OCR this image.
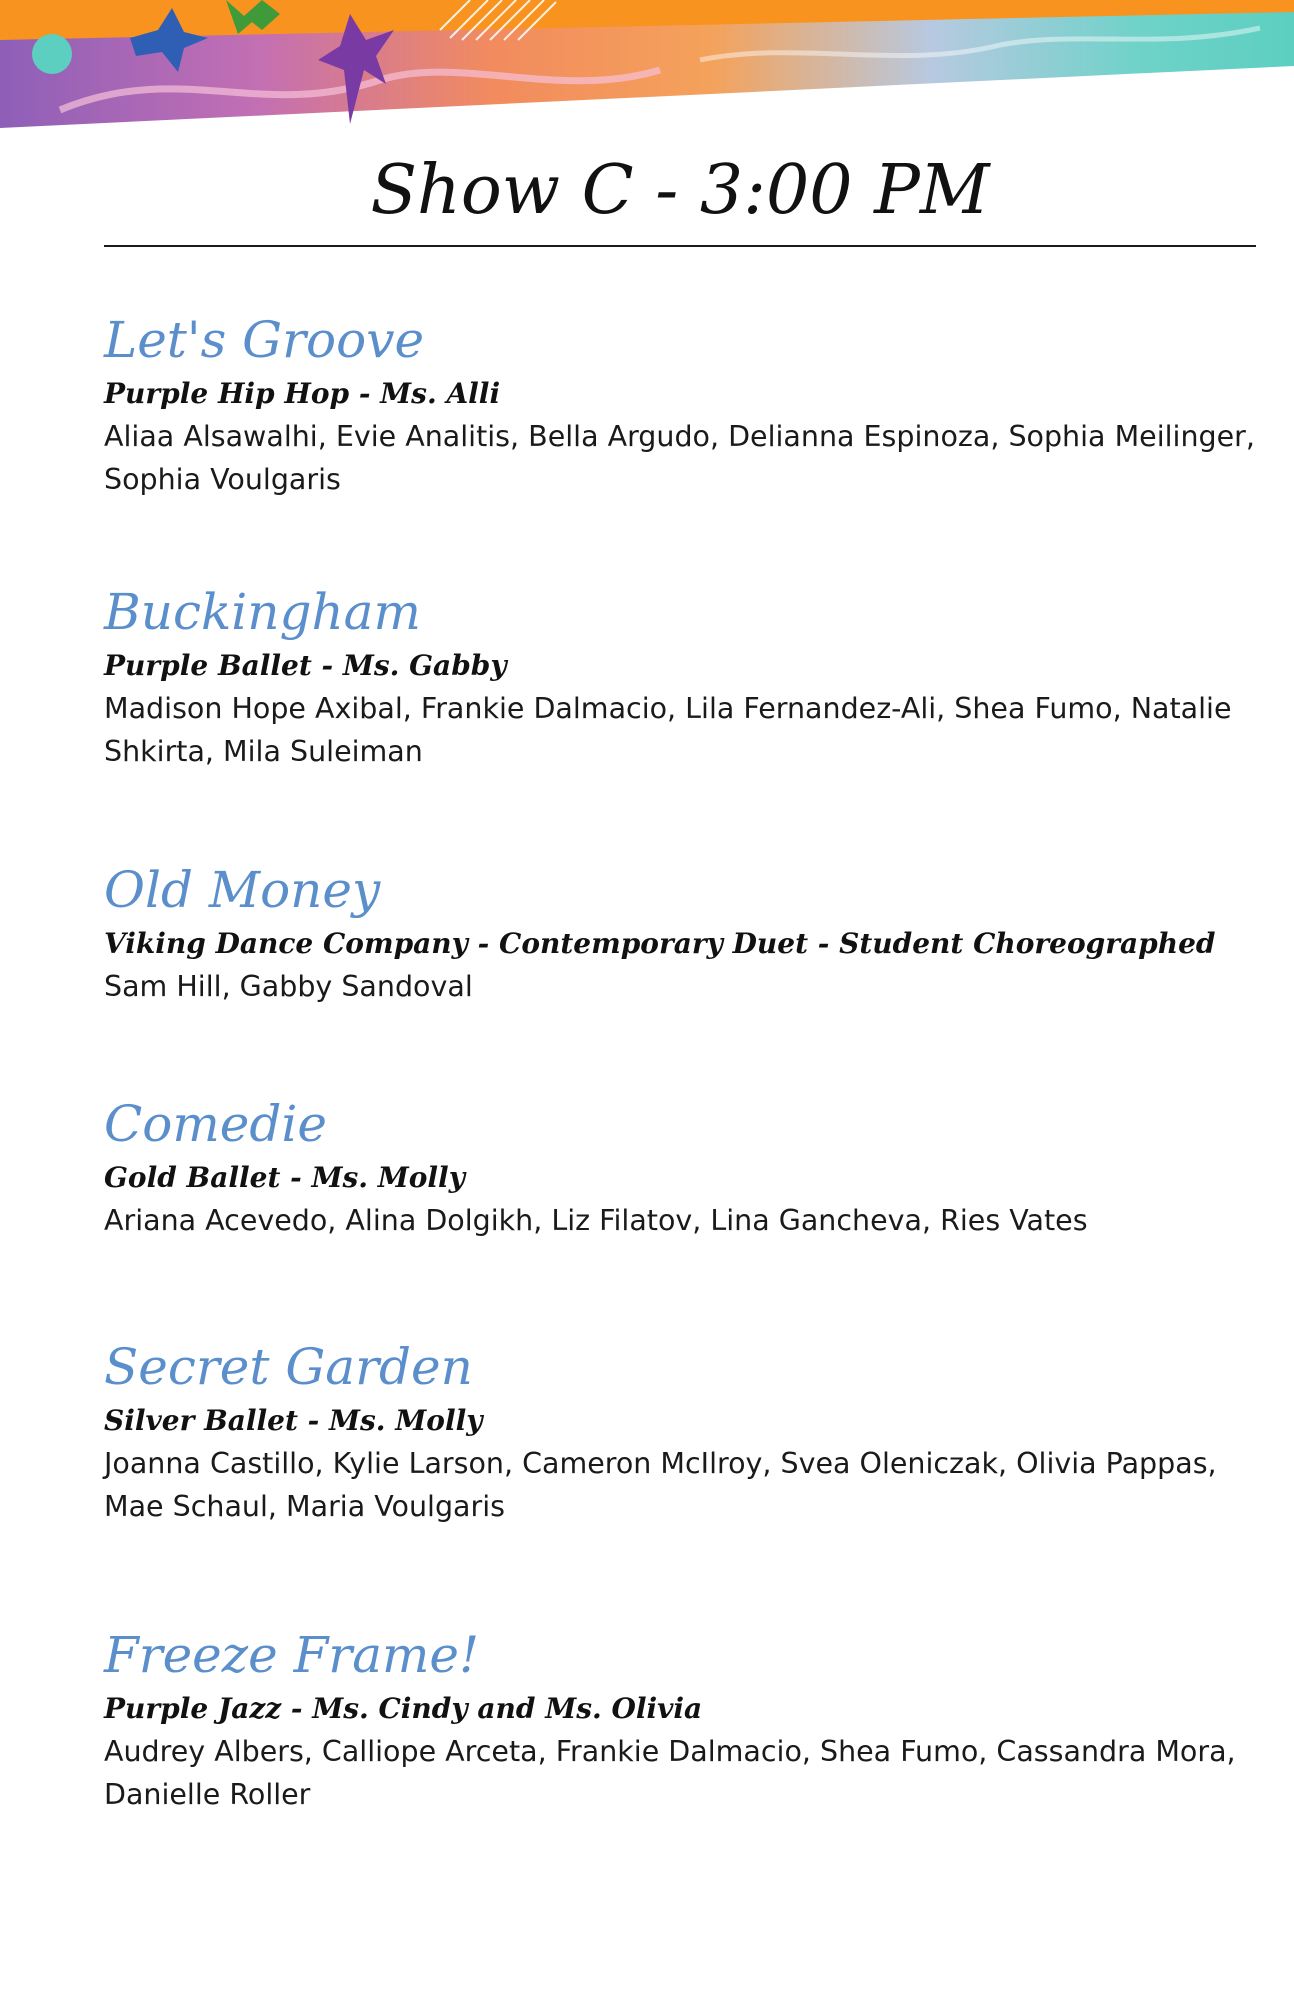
Show C - 3:00 PM
Let's Groove
Purple Hip Hop - Ms. Alli

Aliaa Alsawalhi, Evie Analitis, Bella Argudo, Delianna Espinoza, Sophia Meilinger, Sophia Voulgaris

Buckingham
Purple Ballet - Ms. Gabby

Madison Hope Axibal, Frankie Dalmacio, Lila Fernandez-Ali, Shea Fumo, Natalie Shkirta, Mila Suleiman

Old Money
Viking Dance Company - Contemporary Duet - Student Choreographed

Sam Hill, Gabby Sandoval

Comedie
Gold Ballet - Ms. Molly

Ariana Acevedo, Alina Dolgikh, Liz Filatov, Lina Gancheva, Ries Vates

Secret Garden
Silver Ballet - Ms. Molly

Joanna Castillo, Kylie Larson, Cameron McIlroy, Svea Oleniczak, Olivia Pappas, Mae Schaul, Maria Voulgaris

Freeze Frame!
Purple Jazz - Ms. Cindy and Ms. Olivia

Audrey Albers, Calliope Arceta, Frankie Dalmacio, Shea Fumo, Cassandra Mora, Danielle Roller
